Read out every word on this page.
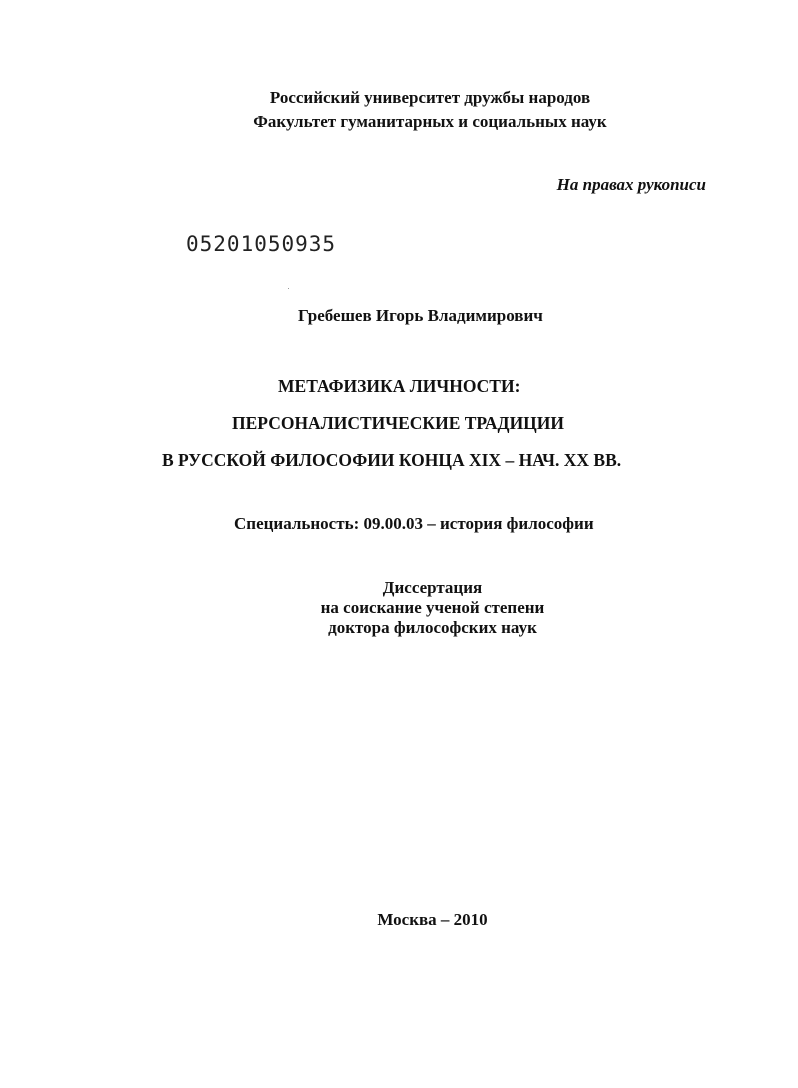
Российский университет дружбы народов
Факультет гуманитарных и социальных наук
На правах рукописи
05201050935
Гребешев Игорь Владимирович
МЕТАФИЗИКА ЛИЧНОСТИ:
ПЕРСОНАЛИСТИЧЕСКИЕ ТРАДИЦИИ
В РУССКОЙ ФИЛОСОФИИ КОНЦА XIX – НАЧ. XX ВВ.
Специальность: 09.00.03 – история философии
Диссертация
на соискание ученой степени
доктора философских наук
Москва – 2010
